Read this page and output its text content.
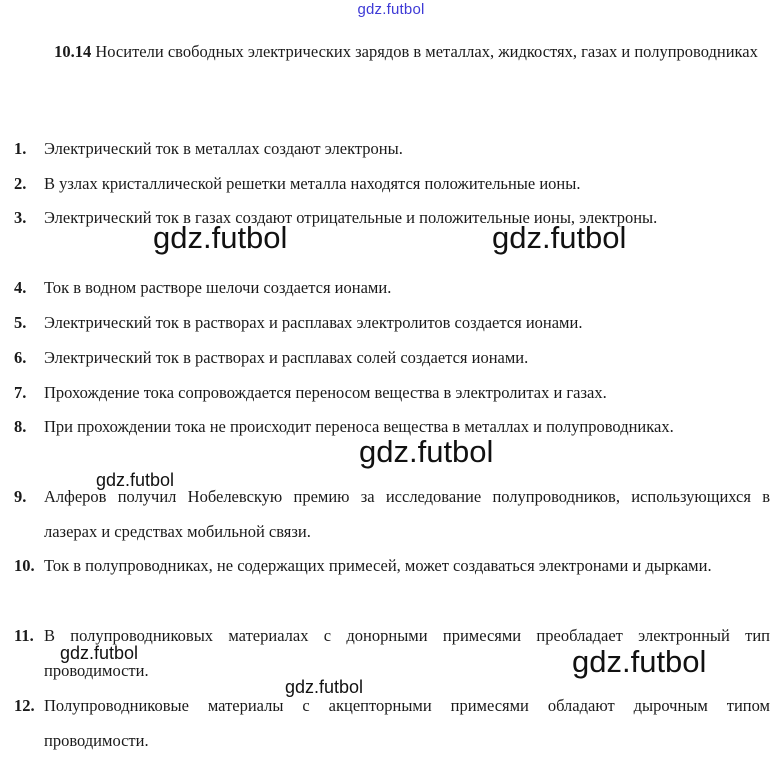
gdz.futbol
10.14 Носители свободных электрических зарядов в металлах, жидкостях, газах и полупроводниках
1. Электрический ток в металлах создают электроны.
2. В узлах кристаллической решетки металла находятся положительные ионы.
3. Электрический ток в газах создают отрицательные и положительные ионы, электроны.
4. Ток в водном растворе шелочи создается ионами.
5. Электрический ток в растворах и расплавах электролитов создается ионами.
6. Электрический ток в растворах и расплавах солей создается ионами.
7. Прохождение тока сопровождается переносом вещества в электролитах и газах.
8. При прохождении тока не происходит переноса вещества в металлах и полупроводниках.
9. Алферов получил Нобелевскую премию за исследование полупроводников, использующихся в лазерах и средствах мобильной связи.
10. Ток в полупроводниках, не содержащих примесей, может создаваться электронами и дырками.
11. В полупроводниковых материалах с донорными примесями преобладает электронный тип проводимости.
12. Полупроводниковые материалы с акцепторными примесями обладают дырочным типом проводимости.
gdz.futbol	gdz.futbol
gdz.futbol
gdz.futbol
gdz.futbol	gdz.futbol
gdz.futbol
